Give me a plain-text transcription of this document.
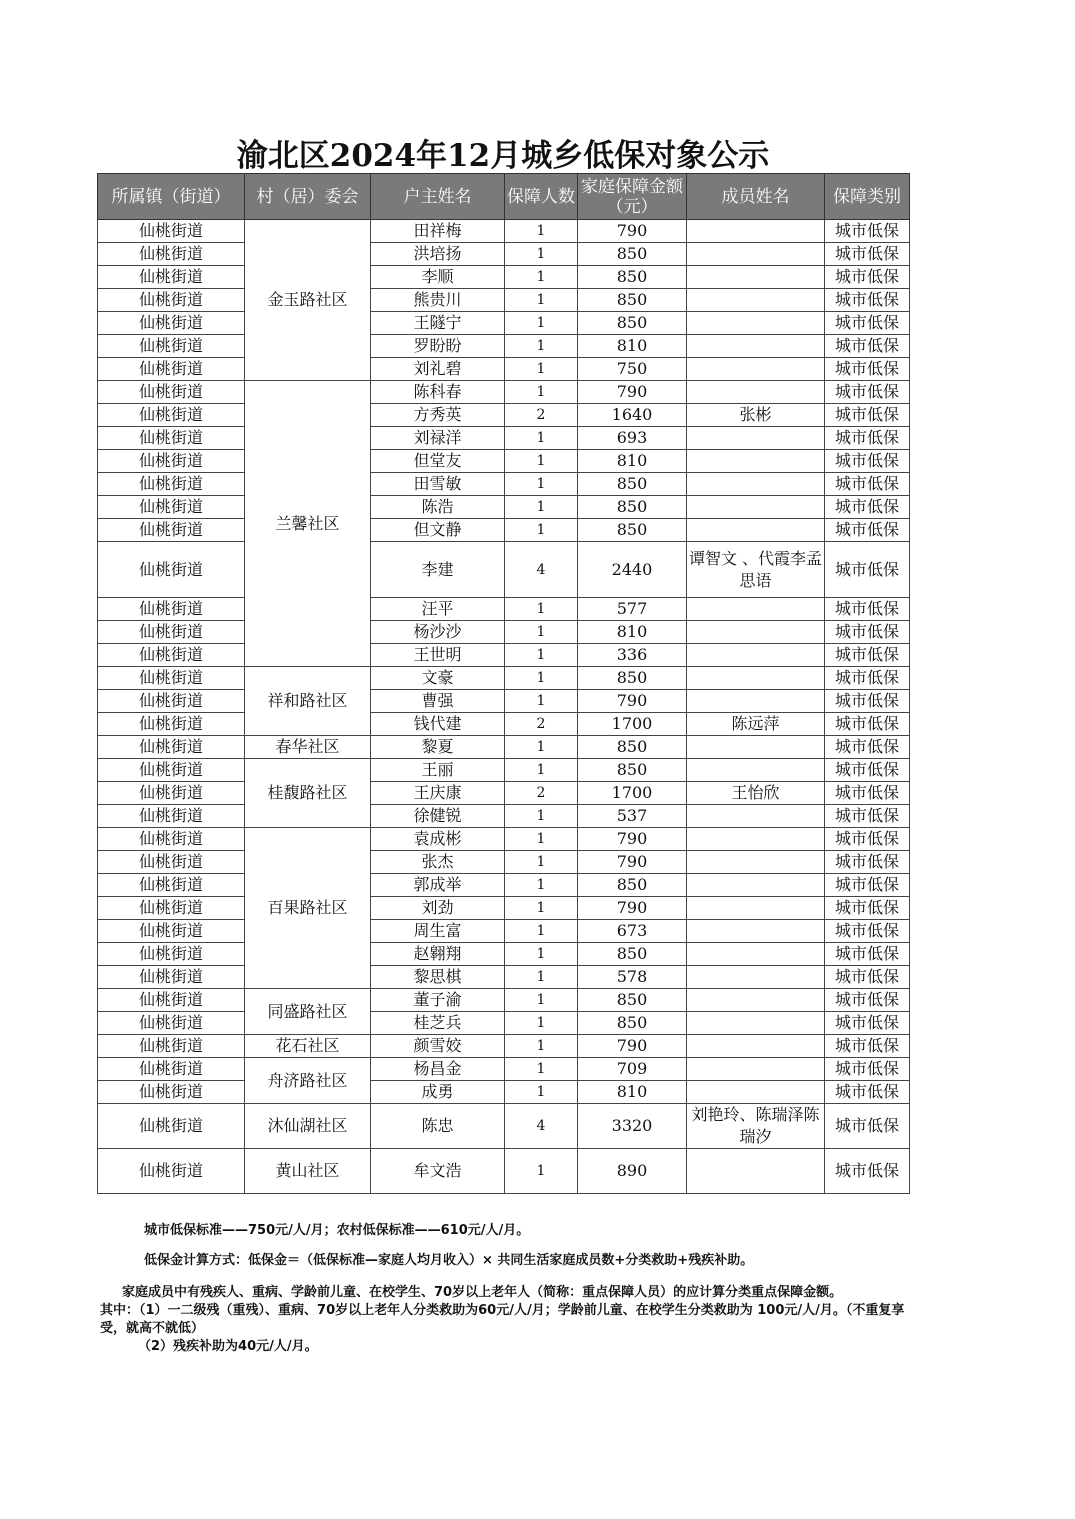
渝北区2024年12月城乡低保对象公示
所属镇（街道）	村（居）委会	户主姓名	保障人数	家庭保障金额（元）	成员姓名	保障类别
仙桃街道	金玉路社区	田祥梅	1	790		城市低保
仙桃街道		洪培扬	1	850		城市低保
仙桃街道		李顺	1	850		城市低保
仙桃街道		熊贵川	1	850		城市低保
仙桃街道		王隧宁	1	850		城市低保
仙桃街道		罗盼盼	1	810		城市低保
仙桃街道		刘礼碧	1	750		城市低保
仙桃街道	兰馨社区	陈科春	1	790		城市低保
仙桃街道		方秀英	2	1640	张彬	城市低保
仙桃街道		刘禄洋	1	693		城市低保
仙桃街道		但堂友	1	810		城市低保
仙桃街道		田雪敏	1	850		城市低保
仙桃街道		陈浩	1	850		城市低保
仙桃街道		但文静	1	850		城市低保
仙桃街道		李建	4	2440	谭智文 、代霞李孟思语	城市低保
仙桃街道		汪平	1	577		城市低保
仙桃街道		杨沙沙	1	810		城市低保
仙桃街道		王世明	1	336		城市低保
仙桃街道	祥和路社区	文豪	1	850		城市低保
仙桃街道		曹强	1	790		城市低保
仙桃街道		钱代建	2	1700	陈远萍	城市低保
仙桃街道	春华社区	黎夏	1	850		城市低保
仙桃街道	桂馥路社区	王丽	1	850		城市低保
仙桃街道		王庆康	2	1700	王怡欣	城市低保
仙桃街道		徐健锐	1	537		城市低保
仙桃街道	百果路社区	袁成彬	1	790		城市低保
仙桃街道		张杰	1	790		城市低保
仙桃街道		郭成举	1	850		城市低保
仙桃街道		刘劲	1	790		城市低保
仙桃街道		周生富	1	673		城市低保
仙桃街道		赵翱翔	1	850		城市低保
仙桃街道		黎思棋	1	578		城市低保
仙桃街道	同盛路社区	董子渝	1	850		城市低保
仙桃街道		桂芝兵	1	850		城市低保
仙桃街道	花石社区	颜雪姣	1	790		城市低保
仙桃街道	舟济路社区	杨昌金	1	709		城市低保
仙桃街道		成勇	1	810		城市低保
仙桃街道	沐仙湖社区	陈忠	4	3320	刘艳玲、陈瑞泽陈瑞汐	城市低保
仙桃街道	黄山社区	牟文浩	1	890		城市低保

城市低保标准——750元/人/月；农村低保标准——610元/人/月。

低保金计算方式：低保金＝（低保标准—家庭人均月收入）× 共同生活家庭成员数+分类救助+残疾补助。

家庭成员中有残疾人、重病、学龄前儿童、在校学生、70岁以上老年人（简称：重点保障人员）的应计算分类重点保障金额。

其中：（1）一二级残（重残）、重病、70岁以上老年人分类救助为60元/人/月；学龄前儿童、在校学生分类救助为 100元/人/月。（不重复享受，就高不就低）

（2）残疾补助为40元/人/月。
